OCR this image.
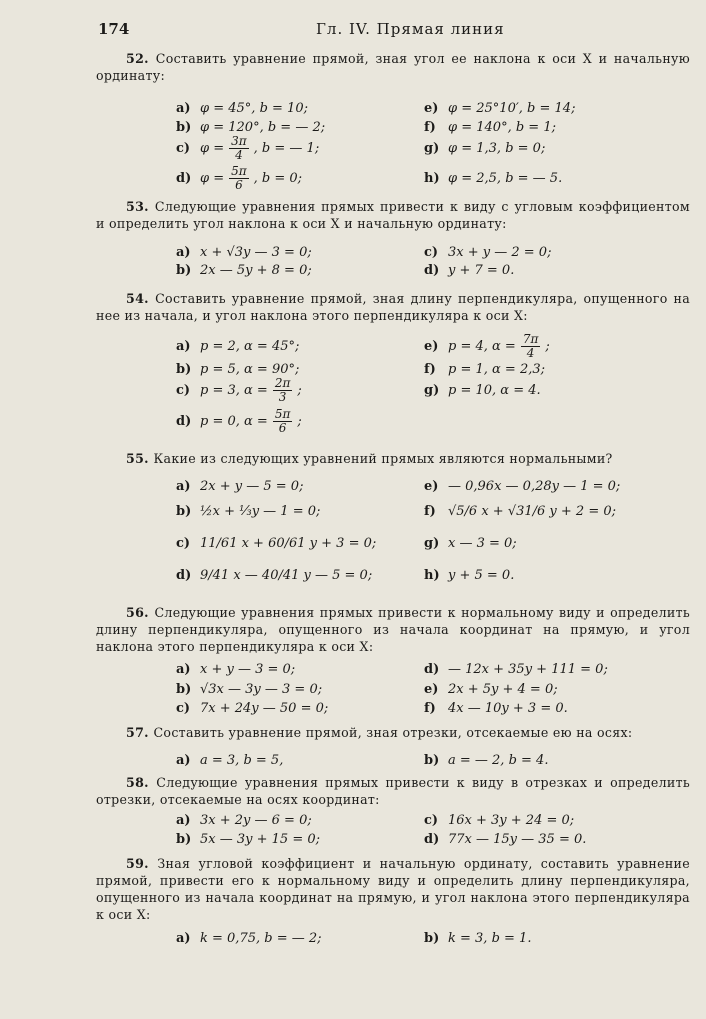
174	Гл. IV. Прямая линия
52. Составить уравнение прямой, зная угол ее наклона к оси X и начальную ординату:
а) φ = 45°, b = 10;	e) φ = 25°10′, b = 14;
b) φ = 120°, b = — 2;	f) φ = 140°, b = 1;
c) $\varphi = \frac{3\pi}{4}$ , b = — 1;	g) φ = 1,3, b = 0;
d) $\varphi = \frac{5\pi}{6}$ , b = 0;	h) φ = 2,5, b = — 5.
53. Следующие уравнения прямых привести к виду с угловым коэффициентом и определить угол наклона к оси X и начальную ординату:
а) x + √3y — 3 = 0;	c) 3x + y — 2 = 0;
b) 2x — 5y + 8 = 0;	d) y + 7 = 0.
54. Составить уравнение прямой, зная длину перпендикуляра, опущенного на нее из начала, и угол наклона этого перпендикуляра к оси X:
а) p = 2, α = 45°;	e) p = 4, $\alpha = \frac{7\pi}{4}$ ;
b) p = 5, α = 90°;	f) p = 1, α = 2,3;
c) p = 3, $\alpha = \frac{2\pi}{3}$ ;	g) p = 10, α = 4.
d) p = 0, $\alpha = \frac{5\pi}{6}$ ;
55. Какие из следующих уравнений прямых являются нормальными?
а) 2x + y — 5 = 0;	e) — 0,96x — 0,28y — 1 = 0;
b) ½x + ⅓y — 1 = 0;	f) √5/6 x + √31/6 y + 2 = 0;
c) 11/61 x + 60/61 y + 3 = 0;	g) x — 3 = 0;
d) 9/41 x — 40/41 y — 5 = 0;	h) y + 5 = 0.
56. Следующие уравнения прямых привести к нормальному виду и определить длину перпендикуляра, опущенного из начала координат на прямую, и угол наклона этого перпендикуляра к оси X:
а) x + y — 3 = 0;	d) — 12x + 35y + 111 = 0;
b) √3x — 3y — 3 = 0;	e) 2x + 5y + 4 = 0;
c) 7x + 24y — 50 = 0;	f) 4x — 10y + 3 = 0.
57. Составить уравнение прямой, зная отрезки, отсекаемые ею на осях:
а) a = 3, b = 5,	b) a = — 2, b = 4.
58. Следующие уравнения прямых привести к виду в отрезках и определить отрезки, отсекаемые на осях координат:
а) 3x + 2y — 6 = 0;	c) 16x + 3y + 24 = 0;
b) 5x — 3y + 15 = 0;	d) 77x — 15y — 35 = 0.
59. Зная угловой коэффициент и начальную ординату, составить уравнение прямой, привести его к нормальному виду и определить длину перпендикуляра, опущенного из начала координат на прямую, и угол наклона этого перпендикуляра к оси X:
а) k = 0,75, b = — 2;	b) k = 3, b = 1.
